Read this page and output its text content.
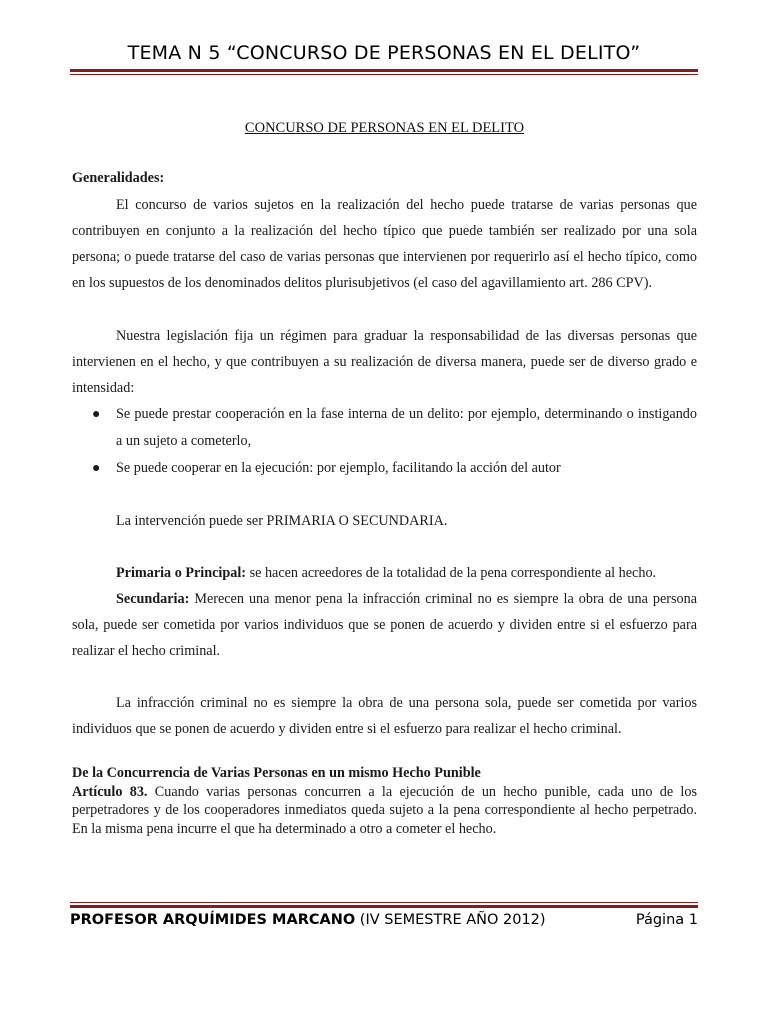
TEMA N 5 “CONCURSO DE PERSONAS EN EL DELITO”
CONCURSO DE PERSONAS EN EL DELITO
Generalidades:

El concurso de varios sujetos en la realización del hecho puede tratarse de varias personas que contribuyen en conjunto a la realización del hecho típico que puede también ser realizado por una sola persona; o puede tratarse del caso de varias personas que intervienen por requerirlo así el hecho típico, como en los supuestos de los denominados delitos plurisubjetivos (el caso del agavillamiento art. 286 CPV).

Nuestra legislación fija un régimen para graduar la responsabilidad de las diversas personas que intervienen en el hecho, y que contribuyen a su realización de diversa manera, puede ser de diverso grado e intensidad:

● Se puede prestar cooperación en la fase interna de un delito: por ejemplo, determinando o instigando a un sujeto a cometerlo,
● Se puede cooperar en la ejecución: por ejemplo, facilitando la acción del autor

La intervención puede ser PRIMARIA O SECUNDARIA.

Primaria o Principal: se hacen acreedores de la totalidad de la pena correspondiente al hecho.

Secundaria: Merecen una menor pena la infracción criminal no es siempre la obra de una persona sola, puede ser cometida por varios individuos que se ponen de acuerdo y dividen entre si el esfuerzo para realizar el hecho criminal.

La infracción criminal no es siempre la obra de una persona sola, puede ser cometida por varios individuos que se ponen de acuerdo y dividen entre si el esfuerzo para realizar el hecho criminal.

De la Concurrencia de Varias Personas en un mismo Hecho Punible

Artículo 83. Cuando varias personas concurren a la ejecución de un hecho punible, cada uno de los perpetradores y de los cooperadores inmediatos queda sujeto a la pena correspondiente al hecho perpetrado. En la misma pena incurre el que ha determinado a otro a cometer el hecho.

PROFESOR ARQUÍMIDES MARCANO (IV SEMESTRE AÑO 2012)	Página 1
